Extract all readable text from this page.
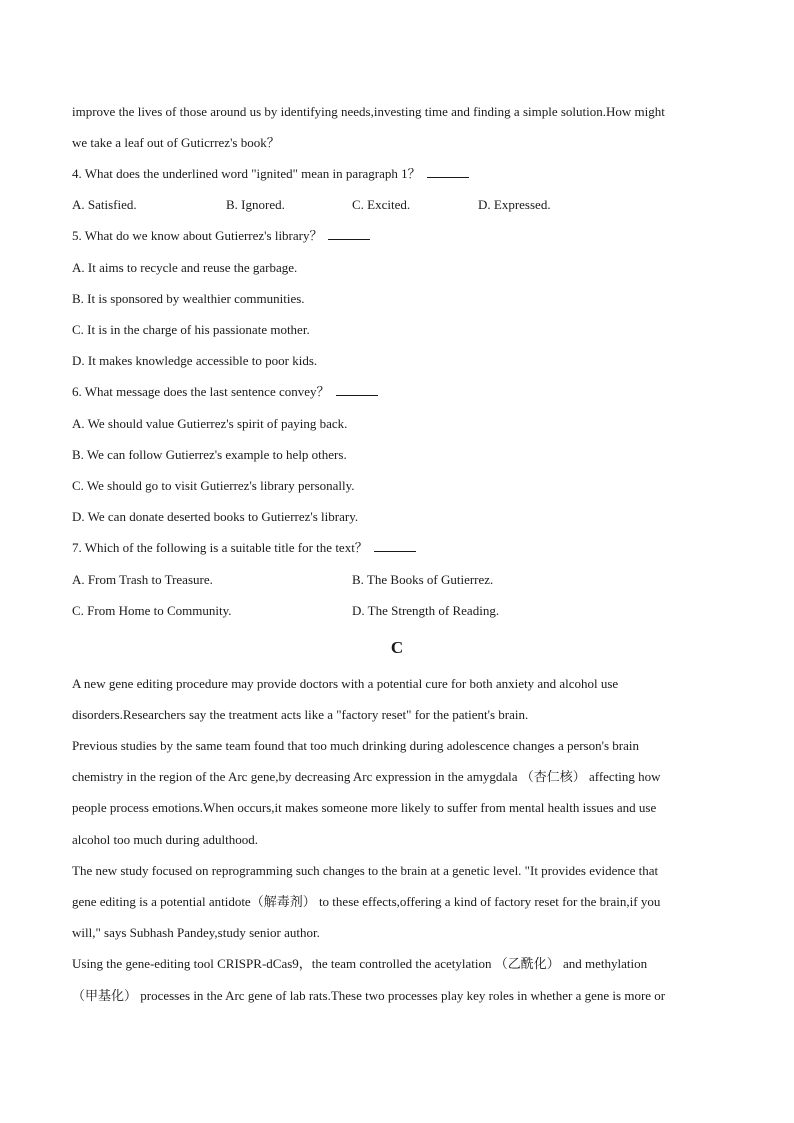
improve the lives of those around us by identifying needs,investing time and finding a simple solution.How might
we take a leaf out of Guticrrez's book？
4. What does the underlined word "ignited" mean in paragraph 1？
A. Satisfied.	B. Ignored.	C. Excited.	D. Expressed.
5. What do we know about Gutierrez's library？
A. It aims to recycle and reuse the garbage.
B. It is sponsored by wealthier communities.
C. It is in the charge of his passionate mother.
D. It makes knowledge accessible to poor kids.
6. What message does the last sentence convey？
A. We should value Gutierrez's spirit of paying back.
B. We can follow Gutierrez's example to help others.
C. We should go to visit Gutierrez's library personally.
D. We can donate deserted books to Gutierrez's library.
7. Which of the following is a suitable title for the text？
A. From Trash to Treasure.	B. The Books of Gutierrez.
C. From Home to Community.	D. The Strength of Reading.
C
A new gene editing procedure may provide doctors with a potential cure for both anxiety and alcohol use
disorders.Researchers say the treatment acts like a "factory reset" for the patient's brain.
Previous studies by the same team found that too much drinking during adolescence changes a person's brain
chemistry in the region of the Arc gene,by decreasing Arc expression in the amygdala （杏仁核） affecting how
people process emotions.When occurs,it makes someone more likely to suffer from mental health issues and use
alcohol too much during adulthood.
The new study focused on reprogramming such changes to the brain at a genetic level. "It provides evidence that
gene editing is a potential antidote（解毒剂） to these effects,offering a kind of factory reset for the brain,if you
will," says Subhash Pandey,study senior author.
Using the gene-editing tool CRISPR-dCas9，the team controlled the acetylation （乙酰化） and methylation
（甲基化） processes in the Arc gene of lab rats.These two processes play key roles in whether a gene is more or
